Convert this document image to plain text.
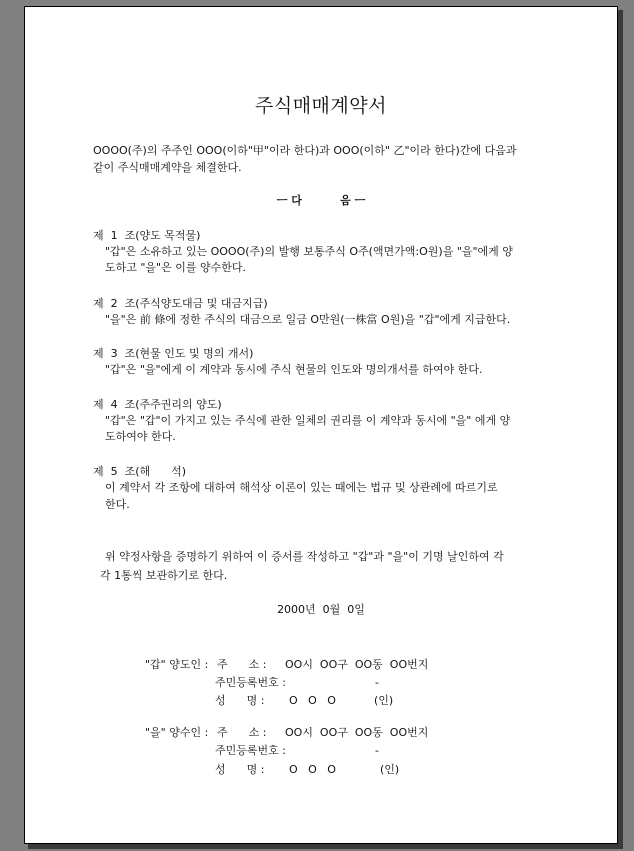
주식매매계약서
OOOO(주)의 주주인 OOO(이하"甲"이라 한다)과 OOO(이하" 乙"이라 한다)간에 다음과
같이 주식매매계약을 체결한다.
ㅡ 다          음 ㅡ
제  1  조(양도 목적물)
"갑"은 소유하고 있는 OOOO(주)의 발행 보통주식 O주(액면가액:O원)을 "을"에게 양
도하고 "을"은 이를 양수한다.
제  2  조(주식양도대금 및 대금지급)
"을"은 前 條에 정한 주식의 대금으로 일금 O만원(一株當 O원)을 "갑"에게 지급한다.
제  3  조(현물 인도 및 명의 개서)
"갑"은 "을"에게 이 계약과 동시에 주식 현물의 인도와 명의개서를 하여야 한다.
제  4  조(주주권리의 양도)
"갑"은 "갑"이 가지고 있는 주식에 관한 일체의 권리를 이 계약과 동시에 "을" 에게 양
도하여야 한다.
제  5  조(해      석)
이 계약서 각 조항에 대하여 해석상 이론이 있는 때에는 법규 및 상관례에 따르기로
한다.
위 약정사항을 증명하기 위하여 이 증서를 작성하고 "갑"과 "을"이 기명 날인하여 각
각 1통씩 보관하기로 한다.
2000년  0월  0일
"갑" 양도인 : 주      소 : OO시  OO구  OO동  OO번지
주민등록번호 :	-
성      명 : O   O   O	(인)
"을" 양수인 : 주      소 : OO시  OO구  OO동  OO번지
주민등록번호 :	-
성      명 : O   O   O	(인)
